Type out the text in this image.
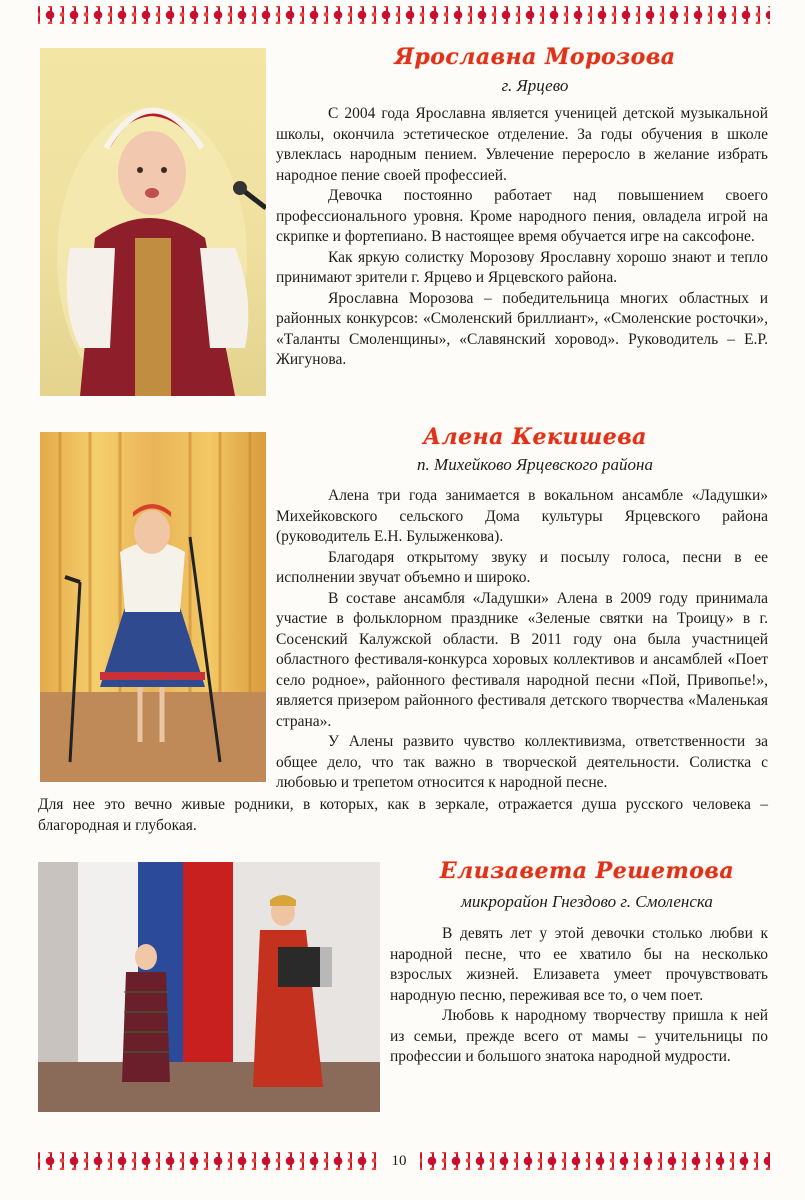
Ярославна Морозова
г. Ярцево

С 2004 года Ярославна является ученицей детской музыкальной школы, окончила эстетическое отделение. За годы обучения в школе увлеклась народным пением. Увлечение переросло в желание избрать народное пение своей профессией.

Девочка постоянно работает над повышением своего профессионального уровня. Кроме народного пения, овладела игрой на скрипке и фортепиано. В настоящее время обучается игре на саксофоне.

Как яркую солистку Морозову Ярославну хорошо знают и тепло принимают зрители г. Ярцево и Ярцевского района.

Ярославна Морозова – победительница многих областных и районных конкурсов: «Смоленский бриллиант», «Смоленские росточки», «Таланты Смоленщины», «Славянский хоровод». Руководитель – Е.Р. Жигунова.

Алена Кекишева
п. Михейково Ярцевского района

Алена три года занимается в вокальном ансамбле «Ладушки» Михейковского сельского Дома культуры Ярцевского района (руководитель Е.Н. Булыженкова).

Благодаря открытому звуку и посылу голоса, песни в ее исполнении звучат объемно и широко.

В составе ансамбля «Ладушки» Алена в 2009 году принимала участие в фольклорном празднике «Зеленые святки на Троицу» в г. Сосенский Калужской области. В 2011 году она была участницей областного фестиваля-конкурса хоровых коллективов и ансамблей «Поет село родное», районного фестиваля народной песни «Пой, Привопье!», является призером районного фестиваля детского творчества «Маленькая страна».

У Алены развито чувство коллективизма, ответственности за общее дело, что так важно в творческой деятельности. Солистка с любовью и трепетом относится к народной песне.

Для нее это вечно живые родники, в которых, как в зеркале, отражается душа русского человека – благородная и глубокая.

Елизавета Решетова
микрорайон Гнездово г. Смоленска

В девять лет у этой девочки столько любви к народной песне, что ее хватило бы на несколько взрослых жизней. Елизавета умеет прочувствовать народную песню, переживая все то, о чем поет.

Любовь к народному творчеству пришла к ней из семьи, прежде всего от мамы – учительницы по профессии и большого знатока народной мудрости.

10
